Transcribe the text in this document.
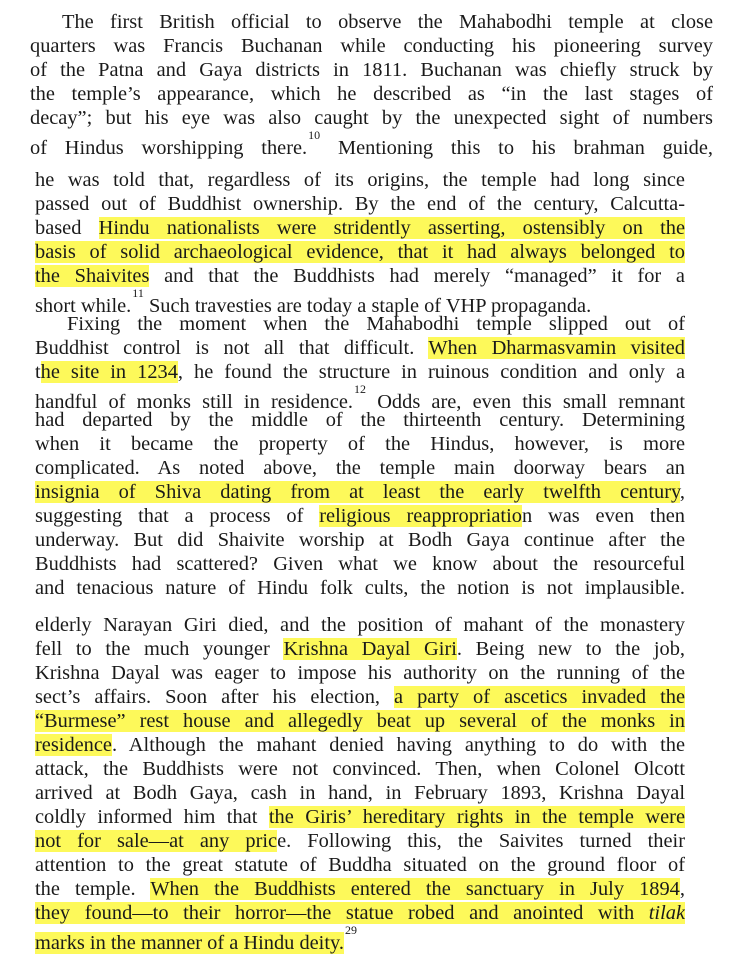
The first British official to observe the Mahabodhi temple at close
quarters was Francis Buchanan while conducting his pioneering survey
of the Patna and Gaya districts in 1811. Buchanan was chiefly struck by
the temple’s appearance, which he described as “in the last stages of
decay”; but his eye was also caught by the unexpected sight of numbers
of Hindus worshipping there.$^{10}$ Mentioning this to his brahman guide,
he was told that, regardless of its origins, the temple had long since
passed out of Buddhist ownership. By the end of the century, Calcutta-
based Hindu nationalists were stridently asserting, ostensibly on the
basis of solid archaeological evidence, that it had always belonged to
the Shaivites and that the Buddhists had merely “managed” it for a
short while.$^{11}$ Such travesties are today a staple of VHP propaganda.
Fixing the moment when the Mahabodhi temple slipped out of
Buddhist control is not all that difficult. When Dharmasvamin visited
the site in 1234, he found the structure in ruinous condition and only a
handful of monks still in residence.$^{12}$ Odds are, even this small remnant
had departed by the middle of the thirteenth century. Determining
when it became the property of the Hindus, however, is more
complicated. As noted above, the temple main doorway bears an
insignia of Shiva dating from at least the early twelfth century,
suggesting that a process of religious reappropriation was even then
underway. But did Shaivite worship at Bodh Gaya continue after the
Buddhists had scattered? Given what we know about the resourceful
and tenacious nature of Hindu folk cults, the notion is not implausible.
elderly Narayan Giri died, and the position of mahant of the monastery
fell to the much younger Krishna Dayal Giri. Being new to the job,
Krishna Dayal was eager to impose his authority on the running of the
sect’s affairs. Soon after his election, a party of ascetics invaded the
“Burmese” rest house and allegedly beat up several of the monks in
residence. Although the mahant denied having anything to do with the
attack, the Buddhists were not convinced. Then, when Colonel Olcott
arrived at Bodh Gaya, cash in hand, in February 1893, Krishna Dayal
coldly informed him that the Giris’ hereditary rights in the temple were
not for sale—at any price. Following this, the Saivites turned their
attention to the great statute of Buddha situated on the ground floor of
the temple. When the Buddhists entered the sanctuary in July 1894,
they found—to their horror—the statue robed and anointed with tilak
marks in the manner of a Hindu deity.$^{29}$
